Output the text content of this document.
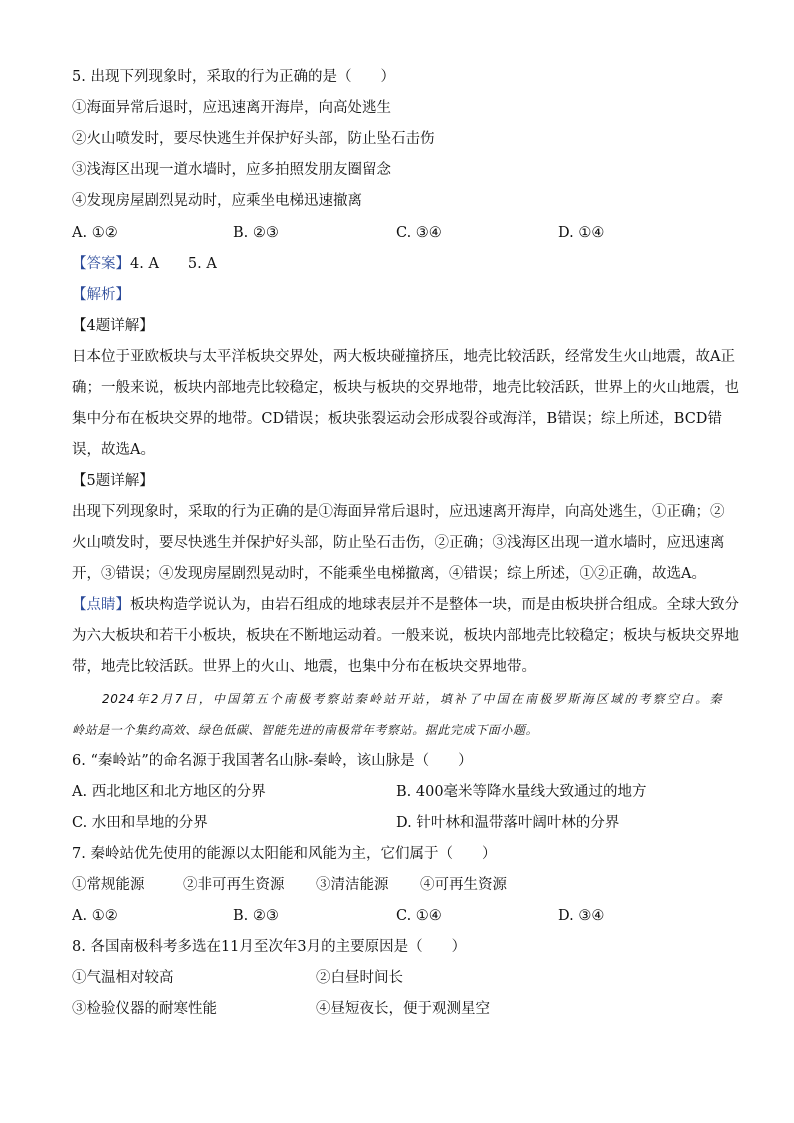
5. 出现下列现象时，采取的行为正确的是（　　）
①海面异常后退时，应迅速离开海岸，向高处逃生
②火山喷发时，要尽快逃生并保护好头部，防止坠石击伤
③浅海区出现一道水墙时，应多拍照发朋友圈留念
④发现房屋剧烈晃动时，应乘坐电梯迅速撤离
A. ①②	B. ②③	C. ③④	D. ①④
【答案】4. A　　5. A
【解析】
【4题详解】
日本位于亚欧板块与太平洋板块交界处，两大板块碰撞挤压，地壳比较活跃，经常发生火山地震，故A正
确；一般来说，板块内部地壳比较稳定，板块与板块的交界地带，地壳比较活跃，世界上的火山地震，也
集中分布在板块交界的地带。CD错误；板块张裂运动会形成裂谷或海洋，B错误；综上所述，BCD错
误，故选A。
【5题详解】
出现下列现象时，采取的行为正确的是①海面异常后退时，应迅速离开海岸，向高处逃生，①正确；②
火山喷发时，要尽快逃生并保护好头部，防止坠石击伤，②正确；③浅海区出现一道水墙时，应迅速离
开，③错误；④发现房屋剧烈晃动时，不能乘坐电梯撤离，④错误；综上所述，①②正确，故选A。
【点睛】板块构造学说认为，由岩石组成的地球表层并不是整体一块，而是由板块拼合组成。全球大致分
为六大板块和若干小板块，板块在不断地运动着。一般来说，板块内部地壳比较稳定；板块与板块交界地
带，地壳比较活跃。世界上的火山、地震，也集中分布在板块交界地带。
2024年2月7日，中国第五个南极考察站秦岭站开站，填补了中国在南极罗斯海区域的考察空白。秦
岭站是一个集约高效、绿色低碳、智能先进的南极常年考察站。据此完成下面小题。
6. “秦岭站”的命名源于我国著名山脉-秦岭，该山脉是（　　）
A. 西北地区和北方地区的分界	B. 400毫米等降水量线大致通过的地方
C. 水田和旱地的分界	D. 针叶林和温带落叶阔叶林的分界
7. 秦岭站优先使用的能源以太阳能和风能为主，它们属于（　　）
①常规能源	②非可再生资源 ③清洁能源 ④可再生资源
A. ①②	B. ②③	C. ①④	D. ③④
8. 各国南极科考多选在11月至次年3月的主要原因是（　　）
①气温相对较高	②白昼时间长
③检验仪器的耐寒性能	④昼短夜长，便于观测星空
